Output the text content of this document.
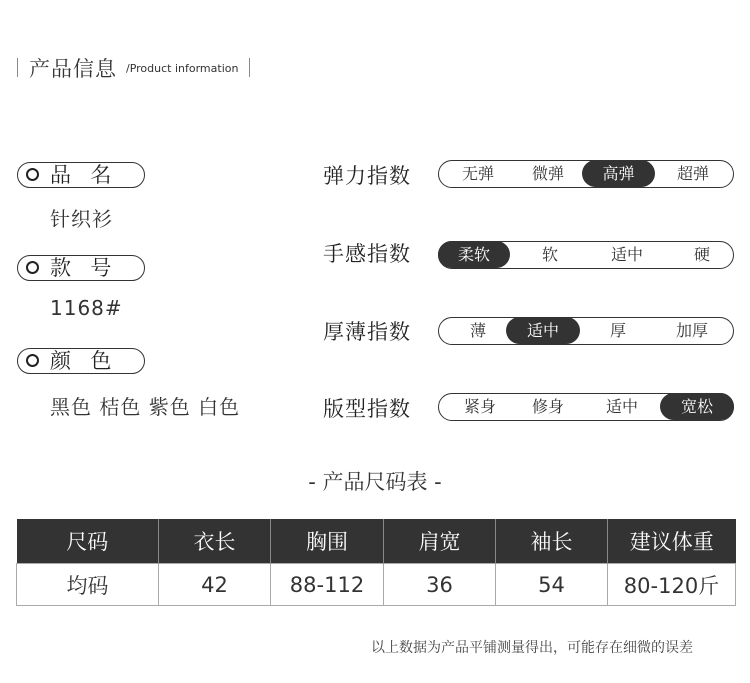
产品信息 /Product information
品  名
针织衫
款  号
1168#
颜  色
黑色 桔色 紫色 白色
弹力指数	无弹	微弹	高弹	超弹
手感指数	柔软	软	适中	硬
厚薄指数	薄	适中	厚	加厚
版型指数	紧身	修身	适中	宽松
- 产品尺码表 -
尺码	衣长	胸围	肩宽	袖长	建议体重
均码	42	88-112	36	54	80-120斤
以上数据为产品平铺测量得出，可能存在细微的误差
